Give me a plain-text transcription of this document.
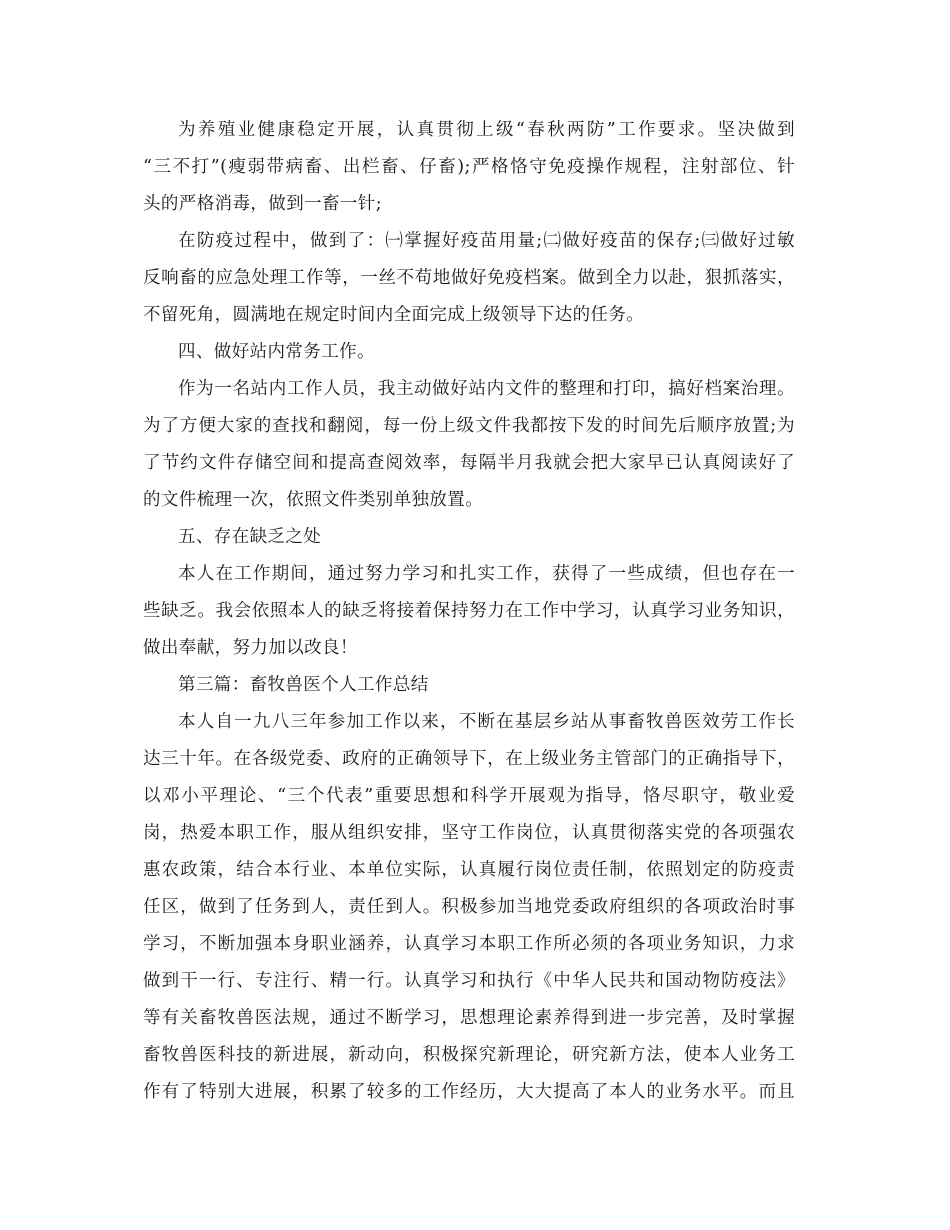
为养殖业健康稳定开展，认真贯彻上级“春秋两防”工作要求。坚决做到
“三不打”(瘦弱带病畜、出栏畜、仔畜);严格恪守免疫操作规程，注射部位、针
头的严格消毒，做到一畜一针;
在防疫过程中，做到了：㈠掌握好疫苗用量;㈡做好疫苗的保存;㈢做好过敏
反响畜的应急处理工作等，一丝不苟地做好免疫档案。做到全力以赴，狠抓落实，
不留死角，圆满地在规定时间内全面完成上级领导下达的任务。
四、做好站内常务工作。
作为一名站内工作人员，我主动做好站内文件的整理和打印，搞好档案治理。
为了方便大家的查找和翻阅，每一份上级文件我都按下发的时间先后顺序放置;为
了节约文件存储空间和提高查阅效率，每隔半月我就会把大家早已认真阅读好了
的文件梳理一次，依照文件类别单独放置。
五、存在缺乏之处
本人在工作期间，通过努力学习和扎实工作，获得了一些成绩，但也存在一
些缺乏。我会依照本人的缺乏将接着保持努力在工作中学习，认真学习业务知识，
做出奉献，努力加以改良！
第三篇：畜牧兽医个人工作总结
本人自一九八三年参加工作以来，不断在基层乡站从事畜牧兽医效劳工作长
达三十年。在各级党委、政府的正确领导下，在上级业务主管部门的正确指导下，
以邓小平理论、“三个代表”重要思想和科学开展观为指导，恪尽职守，敬业爱
岗，热爱本职工作，服从组织安排，坚守工作岗位，认真贯彻落实党的各项强农
惠农政策，结合本行业、本单位实际，认真履行岗位责任制，依照划定的防疫责
任区，做到了任务到人，责任到人。积极参加当地党委政府组织的各项政治时事
学习，不断加强本身职业涵养，认真学习本职工作所必须的各项业务知识，力求
做到干一行、专注行、精一行。认真学习和执行《中华人民共和国动物防疫法》
等有关畜牧兽医法规，通过不断学习，思想理论素养得到进一步完善，及时掌握
畜牧兽医科技的新进展，新动向，积极探究新理论，研究新方法，使本人业务工
作有了特别大进展，积累了较多的工作经历，大大提高了本人的业务水平。而且
